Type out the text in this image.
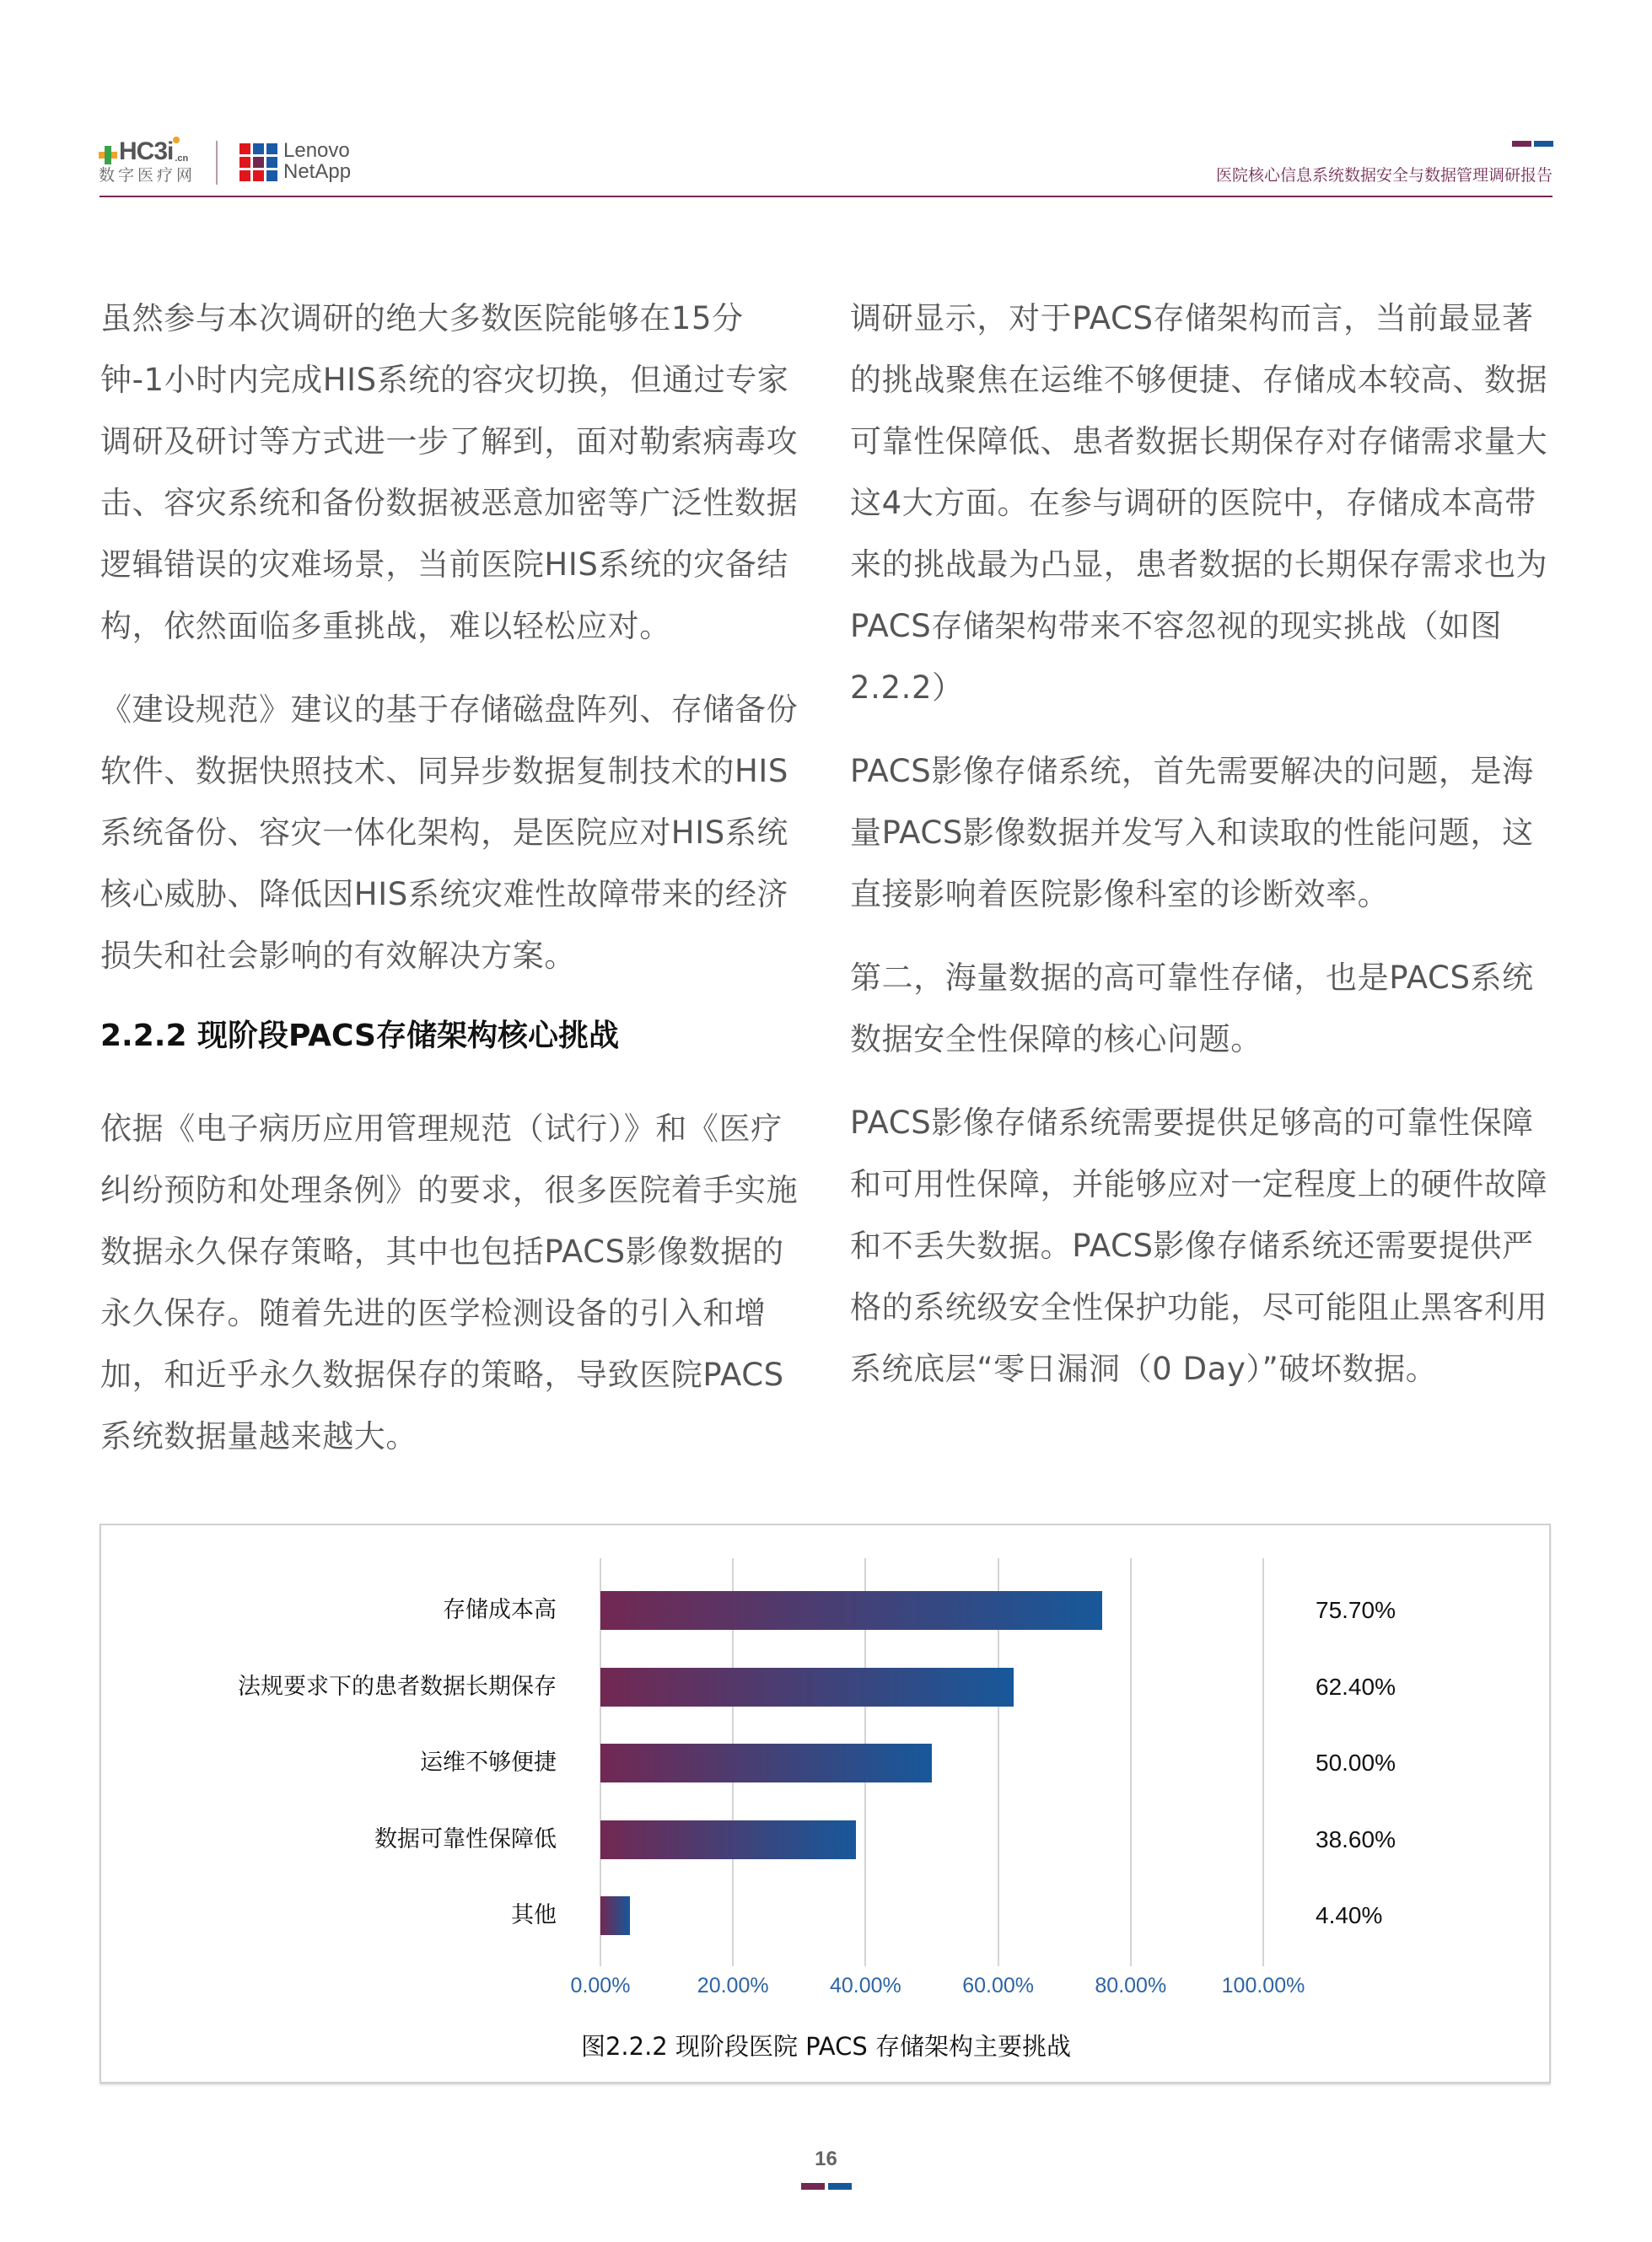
HC3i .cn
数字医疗网
Lenovo
NetApp	医院核心信息系统数据安全与数据管理调研报告

虽然参与本次调研的绝大多数医院能够在15分钟-1小时内完成HIS系统的容灾切换，但通过专家调研及研讨等方式进一步了解到，面对勒索病毒攻击、容灾系统和备份数据被恶意加密等广泛性数据逻辑错误的灾难场景，当前医院HIS系统的灾备结构，依然面临多重挑战，难以轻松应对。

《建设规范》建议的基于存储磁盘阵列、存储备份软件、数据快照技术、同异步数据复制技术的HIS系统备份、容灾一体化架构，是医院应对HIS系统核心威胁、降低因HIS系统灾难性故障带来的经济损失和社会影响的有效解决方案。

2.2.2 现阶段PACS存储架构核心挑战

依据《电子病历应用管理规范（试行）》和《医疗纠纷预防和处理条例》的要求，很多医院着手实施数据永久保存策略，其中也包括PACS影像数据的永久保存。随着先进的医学检测设备的引入和增加，和近乎永久数据保存的策略，导致医院PACS系统数据量越来越大。

调研显示，对于PACS存储架构而言，当前最显著的挑战聚焦在运维不够便捷、存储成本较高、数据可靠性保障低、患者数据长期保存对存储需求量大这4大方面。在参与调研的医院中，存储成本高带来的挑战最为凸显，患者数据的长期保存需求也为PACS存储架构带来不容忽视的现实挑战（如图2.2.2）

PACS影像存储系统，首先需要解决的问题，是海量PACS影像数据并发写入和读取的性能问题，这直接影响着医院影像科室的诊断效率。

第二，海量数据的高可靠性存储，也是PACS系统数据安全性保障的核心问题。

PACS影像存储系统需要提供足够高的可靠性保障和可用性保障，并能够应对一定程度上的硬件故障和不丢失数据。PACS影像存储系统还需要提供严格的系统级安全性保护功能，尽可能阻止黑客利用系统底层“零日漏洞（0 Day）”破坏数据。

0.00%	20.00%	40.00%	60.00%	80.00%	100.00%
存储成本高	75.70%
法规要求下的患者数据长期保存	62.40%
运维不够便捷	50.00%
数据可靠性保障低	38.60%
其他	4.40%
图2.2.2 现阶段医院 PACS 存储架构主要挑战
16
